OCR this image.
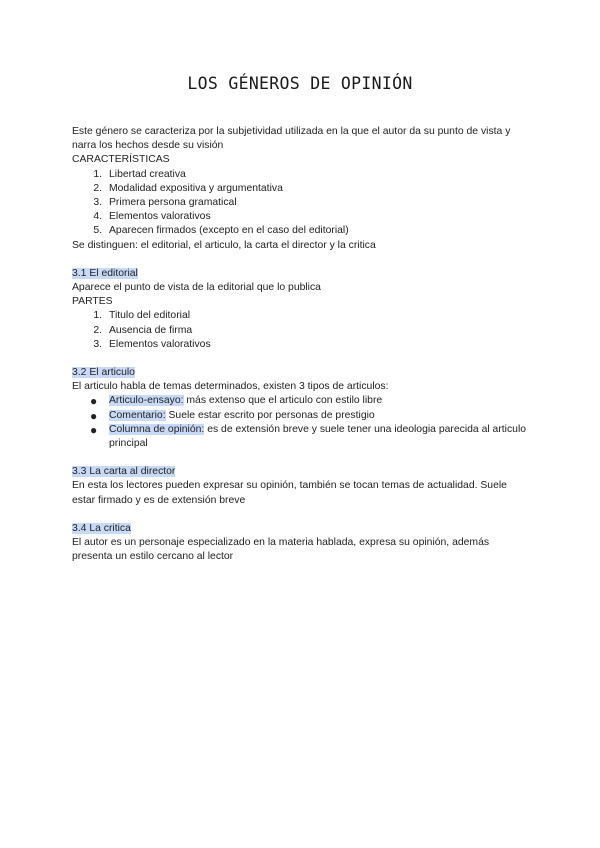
LOS GÉNEROS DE OPINIÓN

Este género se caracteriza por la subjetividad utilizada en la que el autor da su punto de vista y narra los hechos desde su visión

CARACTERÍSTICAS

1. Libertad creativa
2. Modalidad expositiva y argumentativa
3. Primera persona gramatical
4. Elementos valorativos
5. Aparecen firmados (excepto en el caso del editorial)

Se distinguen: el editorial, el articulo, la carta el director y la critica

3.1 El editorial

Aparece el punto de vista de la editorial que lo publica

PARTES

1. Titulo del editorial
2. Ausencia de firma
3. Elementos valorativos

3.2 El articulo

El articulo habla de temas determinados, existen 3 tipos de articulos:

● Articulo-ensayo: más extenso que el articulo con estilo libre
● Comentario: Suele estar escrito por personas de prestigio
● Columna de opinión: es de extensión breve y suele tener una ideologia parecida al articulo principal

3.3 La carta al director

En esta los lectores pueden expresar su opinión, también se tocan temas de actualidad. Suele estar firmado y es de extensión breve

3.4 La critica

El autor es un personaje especializado en la materia hablada, expresa su opinión, además presenta un estilo cercano al lector
